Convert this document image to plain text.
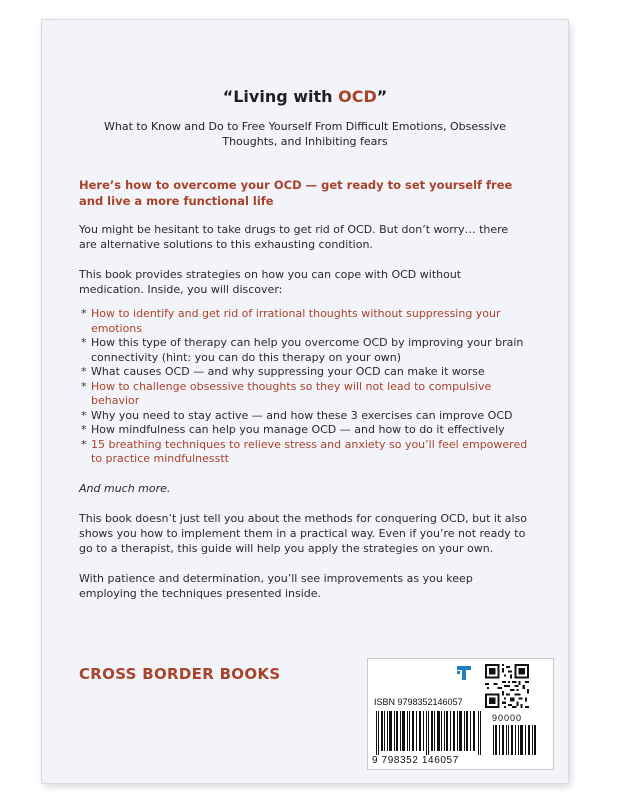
“Living with OCD”
What to Know and Do to Free Yourself From Difficult Emotions, Obsessive Thoughts, and Inhibiting fears

Here’s how to overcome your OCD — get ready to set yourself free and live a more functional life

You might be hesitant to take drugs to get rid of OCD. But don’t worry… there are alternative solutions to this exhausting condition.

This book provides strategies on how you can cope with OCD without medication. Inside, you will discover:

* How to identify and get rid of irrational thoughts without suppressing your emotions
* How this type of therapy can help you overcome OCD by improving your brain connectivity (hint: you can do this therapy on your own)
* What causes OCD — and why suppressing your OCD can make it worse
* How to challenge obsessive thoughts so they will not lead to compulsive behavior
* Why you need to stay active — and how these 3 exercises can improve OCD
* How mindfulness can help you manage OCD — and how to do it effectively
* 15 breathing techniques to relieve stress and anxiety so you’ll feel empowered to practice mindfulnesstt

And much more.

This book doesn’t just tell you about the methods for conquering OCD, but it also shows you how to implement them in a practical way. Even if you’re not ready to go to a therapist, this guide will help you apply the strategies on your own.

With patience and determination, you’ll see improvements as you keep employing the techniques presented inside.

CROSS BORDER BOOKS
ISBN 9798352146057
90000
9 798352 146057
